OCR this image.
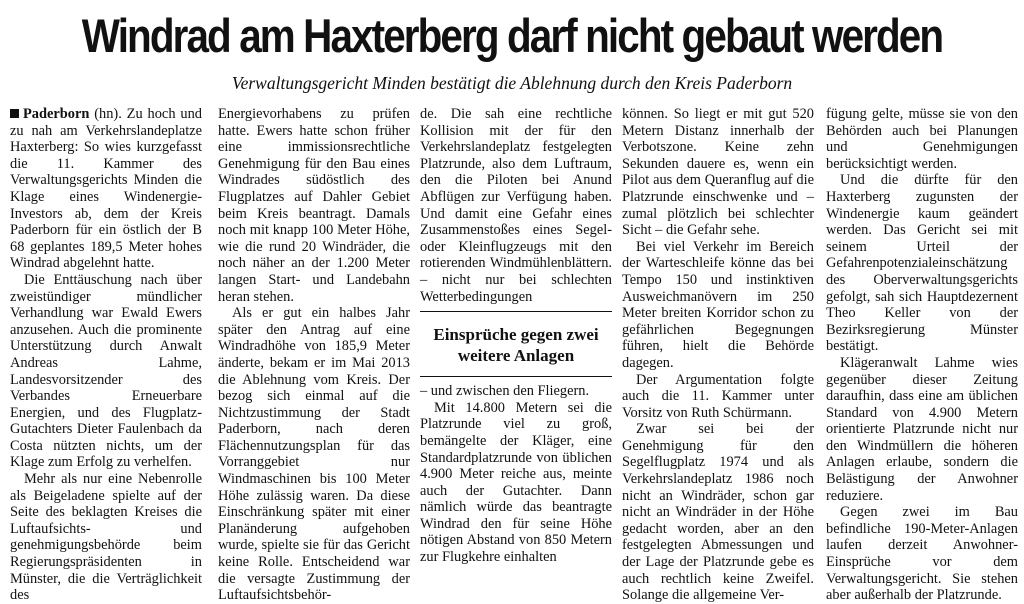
Windrad am Haxterberg darf nicht gebaut werden
Verwaltungsgericht Minden bestätigt die Ablehnung durch den Kreis Paderborn

Paderborn (hn). Zu hoch und zu nah am Verkehrslandeplatze Haxterberg: So wies kurzgefasst die 11. Kammer des Verwaltungsgerichts Minden die Klage eines Windenergie-Investors ab, dem der Kreis Paderborn für ein östlich der B 68 geplantes 189,5 Meter hohes Windrad abgelehnt hatte.

Die Enttäuschung nach über zweistündiger mündlicher Verhandlung war Ewald Ewers anzusehen. Auch die prominente Unterstützung durch Anwalt Andreas Lahme, Landesvorsitzender des Verbandes Erneuerbare Energien, und des Flugplatz-Gutachters Dieter Faulenbach da Costa nützten nichts, um der Klage zum Erfolg zu verhelfen.

Mehr als nur eine Nebenrolle als Beigeladene spielte auf der Seite des beklagten Kreises die Luftaufsichts- und genehmigungsbehörde beim Regierungspräsidenten in Münster, die die Verträglichkeit des

Energievorhabens zu prüfen hatte. Ewers hatte schon früher eine immissionsrechtliche Genehmigung für den Bau eines Windrades südöstlich des Flugplatzes auf Dahler Gebiet beim Kreis beantragt. Damals noch mit knapp 100 Meter Höhe, wie die rund 20 Windräder, die noch näher an der 1.200 Meter langen Start- und Landebahn heran stehen.

Als er gut ein halbes Jahr später den Antrag auf eine Windradhöhe von 185,9 Meter änderte, bekam er im Mai 2013 die Ablehnung vom Kreis. Der bezog sich einmal auf die Nichtzustimmung der Stadt Paderborn, nach deren Flächennutzungsplan für das Vorranggebiet nur Windmaschinen bis 100 Meter Höhe zulässig waren. Da diese Einschränkung später mit einer Planänderung aufgehoben wurde, spielte sie für das Gericht keine Rolle. Entscheidend war die versagte Zustimmung der Luftaufsichtsbehör-

de. Die sah eine rechtliche Kollision mit der für den Verkehrslandeplatz festgelegten Platzrunde, also dem Luftraum, den die Piloten bei Anund Abflügen zur Verfügung haben. Und damit eine Gefahr eines Zusammenstoßes eines Segel- oder Kleinflugzeugs mit den rotierenden Windmühlenblättern. – nicht nur bei schlechten Wetterbedingungen

Einsprüche gegen zwei weitere Anlagen

– und zwischen den Fliegern.

Mit 14.800 Metern sei die Platzrunde viel zu groß, bemängelte der Kläger, eine Standardplatzrunde von üblichen 4.900 Meter reiche aus, meinte auch der Gutachter. Dann nämlich würde das beantragte Windrad den für seine Höhe nötigen Abstand von 850 Metern zur Flugkehre einhalten

können. So liegt er mit gut 520 Metern Distanz innerhalb der Verbotszone. Keine zehn Sekunden dauere es, wenn ein Pilot aus dem Queranflug auf die Platzrunde einschwenke und – zumal plötzlich bei schlechter Sicht – die Gefahr sehe.

Bei viel Verkehr im Bereich der Warteschleife könne das bei Tempo 150 und instinktiven Ausweichmanövern im 250 Meter breiten Korridor schon zu gefährlichen Begegnungen führen, hielt die Behörde dagegen.

Der Argumentation folgte auch die 11. Kammer unter Vorsitz von Ruth Schürmann.

Zwar sei bei der Genehmigung für den Segelflugplatz 1974 und als Verkehrslandeplatz 1986 noch nicht an Windräder, schon gar nicht an Windräder in der Höhe gedacht worden, aber an den festgelegten Abmessungen und der Lage der Platzrunde gebe es auch rechtlich keine Zweifel. Solange die allgemeine Ver-

fügung gelte, müsse sie von den Behörden auch bei Planungen und Genehmigungen berücksichtigt werden.

Und die dürfte für den Haxterberg zugunsten der Windenergie kaum geändert werden. Das Gericht sei mit seinem Urteil der Gefahrenpotenzialeinschätzung des Oberverwaltungsgerichts gefolgt, sah sich Hauptdezernent Theo Keller von der Bezirksregierung Münster bestätigt.

Klägeranwalt Lahme wies gegenüber dieser Zeitung daraufhin, dass eine am üblichen Standard von 4.900 Metern orientierte Platzrunde nicht nur den Windmüllern die höheren Anlagen erlaube, sondern die Belästigung der Anwohner reduziere.

Gegen zwei im Bau befindliche 190-Meter-Anlagen laufen derzeit Anwohner-Einsprüche vor dem Verwaltungsgericht. Sie stehen aber außerhalb der Platzrunde.
